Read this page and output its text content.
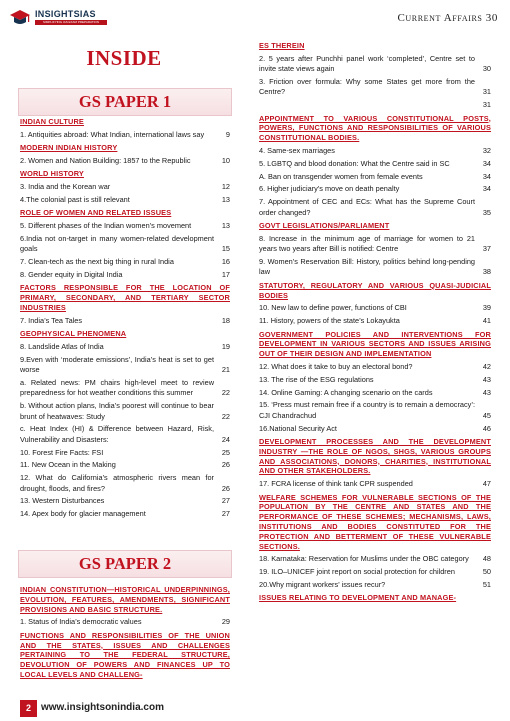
INSIGHTSIAS
SIMPLIFYING IAS EXAM PREPARATION	Current Affairs 30
INSIDE
GS PAPER 1
INDIAN CULTURE
1. Antiquities abroad: What Indian, international laws say	9
MODERN INDIAN HISTORY
2. Women and Nation Building: 1857 to the Republic	10
WORLD HISTORY
3. India and the Korean war	12
4.The colonial past is still relevant	13
ROLE OF WOMEN AND RELATED ISSUES
5. Different phases of the Indian women’s movement	13
6.India not on-target in many women-related development goals	15
7. Clean-tech as the next big thing in rural India	16
8. Gender equity in Digital India	17
FACTORS RESPONSIBLE FOR THE LOCATION OF PRIMARY, SECONDARY, AND TERTIARY SECTOR INDUSTRIES
7. India’s Tea Tales	18
GEOPHYSICAL PHENOMENA
8. Landslide Atlas of India	19
9.Even with ‘moderate emissions’, India’s heat is set to get worse	21
a. Related news: PM chairs high-level meet to review preparedness for hot weather conditions this summer	22
b. Without action plans, India’s poorest will continue to bear brunt of heatwaves: Study	22
c. Heat Index (HI) & Difference between Hazard, Risk, Vulnerability and Disasters:	24
10. Forest Fire Facts: FSI	25
11. New Ocean in the Making	26
12. What do California’s atmospheric rivers mean for drought, floods, and fires?	26
13. Western Disturbances	27
14. Apex body for glacier management	27
GS PAPER 2
INDIAN CONSTITUTION—HISTORICAL UNDERPINNINGS, EVOLUTION, FEATURES, AMENDMENTS, SIGNIFICANT PROVISIONS AND BASIC STRUCTURE.
1. Status of India’s democratic values	29
FUNCTIONS AND RESPONSIBILITIES OF THE UNION AND THE STATES, ISSUES AND CHALLENGES PERTAINING TO THE FEDERAL STRUCTURE, DEVOLUTION OF POWERS AND FINANCES UP TO LOCAL LEVELS AND CHALLENG-
ES THEREIN
2. 5 years after Punchhi panel work ‘completed’, Centre set to invite state views again	30
3. Friction over formula: Why some States get more from the Centre?	31
31
APPOINTMENT TO VARIOUS CONSTITUTIONAL POSTS, POWERS, FUNCTIONS AND RESPONSIBILITIES OF VARIOUS CONSTITUTIONAL BODIES.
4. Same-sex marriages	32
5. LGBTQ and blood donation: What the Centre said in SC	34
A. Ban on transgender women from female events	34
6. Higher judiciary’s move on death penalty	34
7. Appointment of CEC and ECs: What has the Supreme Court order changed?	35
GOVT LEGISLATIONS/PARLIAMENT
8. Increase in the minimum age of marriage for women to 21 years two years after Bill is notified: Centre	37
9. Women’s Reservation Bill: History, politics behind long-pending law	38
STATUTORY, REGULATORY AND VARIOUS QUASI-JUDICIAL BODIES
10. New law to define power, functions of CBI	39
11. History, powers of the state’s Lokayukta	41
GOVERNMENT POLICIES AND INTERVENTIONS FOR DEVELOPMENT IN VARIOUS SECTORS AND ISSUES ARISING OUT OF THEIR DESIGN AND IMPLEMENTATION
12. What does it take to buy an electoral bond?	42
13. The rise of the ESG regulations	43
14. Online Gaming: A changing scenario on the cards	43
15. ‘Press must remain free if a country is to remain a democracy’: CJI Chandrachud	45
16.National Security Act	46
DEVELOPMENT PROCESSES AND THE DEVELOPMENT INDUSTRY —THE ROLE OF NGOS, SHGS, VARIOUS GROUPS AND ASSOCIATIONS, DONORS, CHARITIES, INSTITUTIONAL AND OTHER STAKEHOLDERS.
17. FCRA license of think tank CPR suspended	47
WELFARE SCHEMES FOR VULNERABLE SECTIONS OF THE POPULATION BY THE CENTRE AND STATES AND THE PERFORMANCE OF THESE SCHEMES; MECHANISMS, LAWS, INSTITUTIONS AND BODIES CONSTITUTED FOR THE PROTECTION AND BETTERMENT OF THESE VULNERABLE SECTIONS.
18. Karnataka: Reservation for Muslims under the OBC category	48
19. ILO–UNICEF joint report on social protection for children	50
20.Why migrant workers’ issues recur?	51
ISSUES RELATING TO DEVELOPMENT AND MANAGE-
2	www.insightsonindia.com
